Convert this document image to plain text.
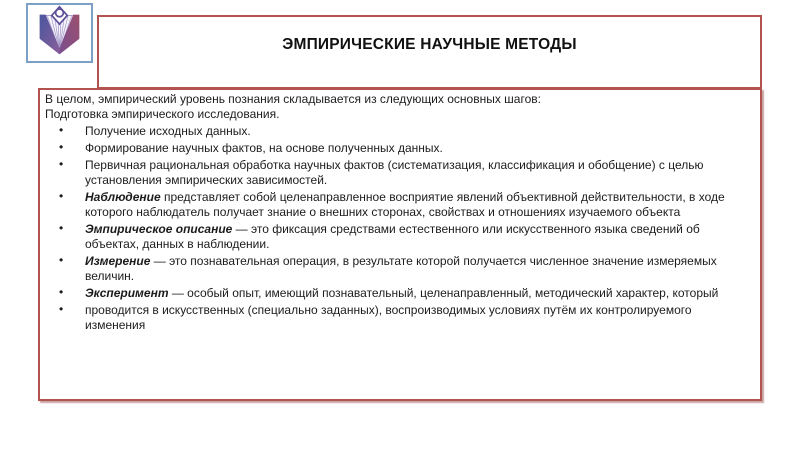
ЭМПИРИЧЕСКИЕ НАУЧНЫЕ МЕТОДЫ

В целом, эмпирический уровень познания складывается из следующих основных шагов:

Подготовка эмпирического исследования.

• Получение исходных данных.
• Формирование научных фактов, на основе полученных данных.
• Первичная рациональная обработка научных фактов (систематизация, классификация и обобщение) с целью установления эмпирических зависимостей.
• Наблюдение представляет собой целенаправленное восприятие явлений объективной действительности, в ходе которого наблюдатель получает знание о внешних сторонах, свойствах и отношениях изучаемого объекта
• Эмпирическое описание — это фиксация средствами естественного или искусственного языка сведений об объектах, данных в наблюдении.
• Измерение — это познавательная операция, в результате которой получается численное значение измеряемых величин.
• Эксперимент — особый опыт, имеющий познавательный, целенаправленный, методический характер, который
• проводится в искусственных (специально заданных), воспроизводимых условиях путём их контролируемого изменения
